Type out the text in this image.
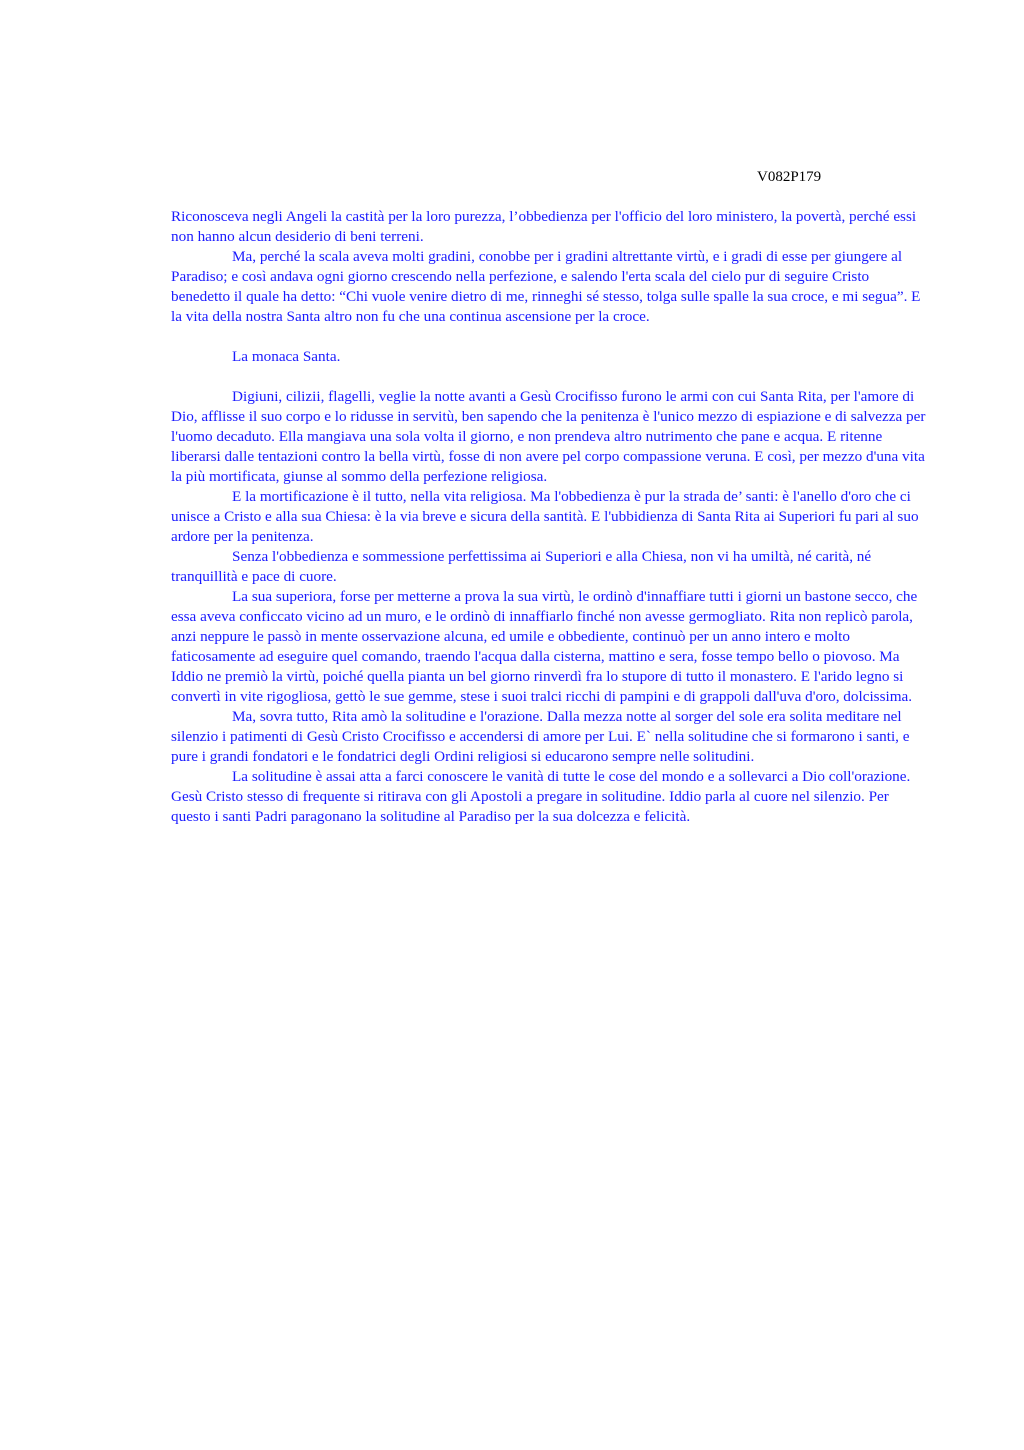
V082P179

Riconosceva negli Angeli la castità per la loro purezza, l’obbedienza per l'officio del loro ministero, la povertà, perché essi non hanno alcun desiderio di beni terreni.

Ma, perché la scala aveva molti gradini, conobbe per i gradini altrettante virtù, e i gradi di esse per giungere al Paradiso; e così andava ogni giorno crescendo nella perfezione, e salendo l'erta scala del cielo pur di seguire Cristo benedetto il quale ha detto: “Chi vuole venire dietro di me, rinneghi sé stesso, tolga sulle spalle la sua croce, e mi segua”. E la vita della nostra Santa altro non fu che una continua ascensione per la croce.

La monaca Santa.

Digiuni, cilizii, flagelli, veglie la notte avanti a Gesù Crocifisso furono le armi con cui Santa Rita, per l'amore di Dio, afflisse il suo corpo e lo ridusse in servitù, ben sapendo che la penitenza è l'unico mezzo di espiazione e di salvezza per l'uomo decaduto. Ella mangiava una sola volta il giorno, e non prendeva altro nutrimento che pane e acqua. E ritenne liberarsi dalle tentazioni contro la bella virtù, fosse di non avere pel corpo compassione veruna. E così, per mezzo d'una vita la più mortificata, giunse al sommo della perfezione religiosa.

E la mortificazione è il tutto, nella vita religiosa. Ma l'obbedienza è pur la strada de’ santi: è l'anello d'oro che ci unisce a Cristo e alla sua Chiesa: è la via breve e sicura della santità. E l'ubbidienza di Santa Rita ai Superiori fu pari al suo ardore per la penitenza.

Senza l'obbedienza e sommessione perfettissima ai Superiori e alla Chiesa, non vi ha umiltà, né carità, né tranquillità e pace di cuore.

La sua superiora, forse per metterne a prova la sua virtù, le ordinò d'innaffiare tutti i giorni un bastone secco, che essa aveva conficcato vicino ad un muro, e le ordinò di innaffiarlo finché non avesse germogliato. Rita non replicò parola, anzi neppure le passò in mente osservazione alcuna, ed umile e obbediente, continuò per un anno intero e molto faticosamente ad eseguire quel comando, traendo l'acqua dalla cisterna, mattino e sera, fosse tempo bello o piovoso. Ma Iddio ne premiò la virtù, poiché quella pianta un bel giorno rinverdì fra lo stupore di tutto il monastero. E l'arido legno si convertì in vite rigogliosa, gettò le sue gemme, stese i suoi tralci ricchi di pampini e di grappoli dall'uva d'oro, dolcissima.

Ma, sovra tutto, Rita amò la solitudine e l'orazione. Dalla mezza notte al sorger del sole era solita meditare nel silenzio i patimenti di Gesù Cristo Crocifisso e accendersi di amore per Lui. E` nella solitudine che si formarono i santi, e pure i grandi fondatori e le fondatrici degli Ordini religiosi si educarono sempre nelle solitudini.

La solitudine è assai atta a farci conoscere le vanità di tutte le cose del mondo e a sollevarci a Dio coll'orazione. Gesù Cristo stesso di frequente si ritirava con gli Apostoli a pregare in solitudine. Iddio parla al cuore nel silenzio. Per questo i santi Padri paragonano la solitudine al Paradiso per la sua dolcezza e felicità.
